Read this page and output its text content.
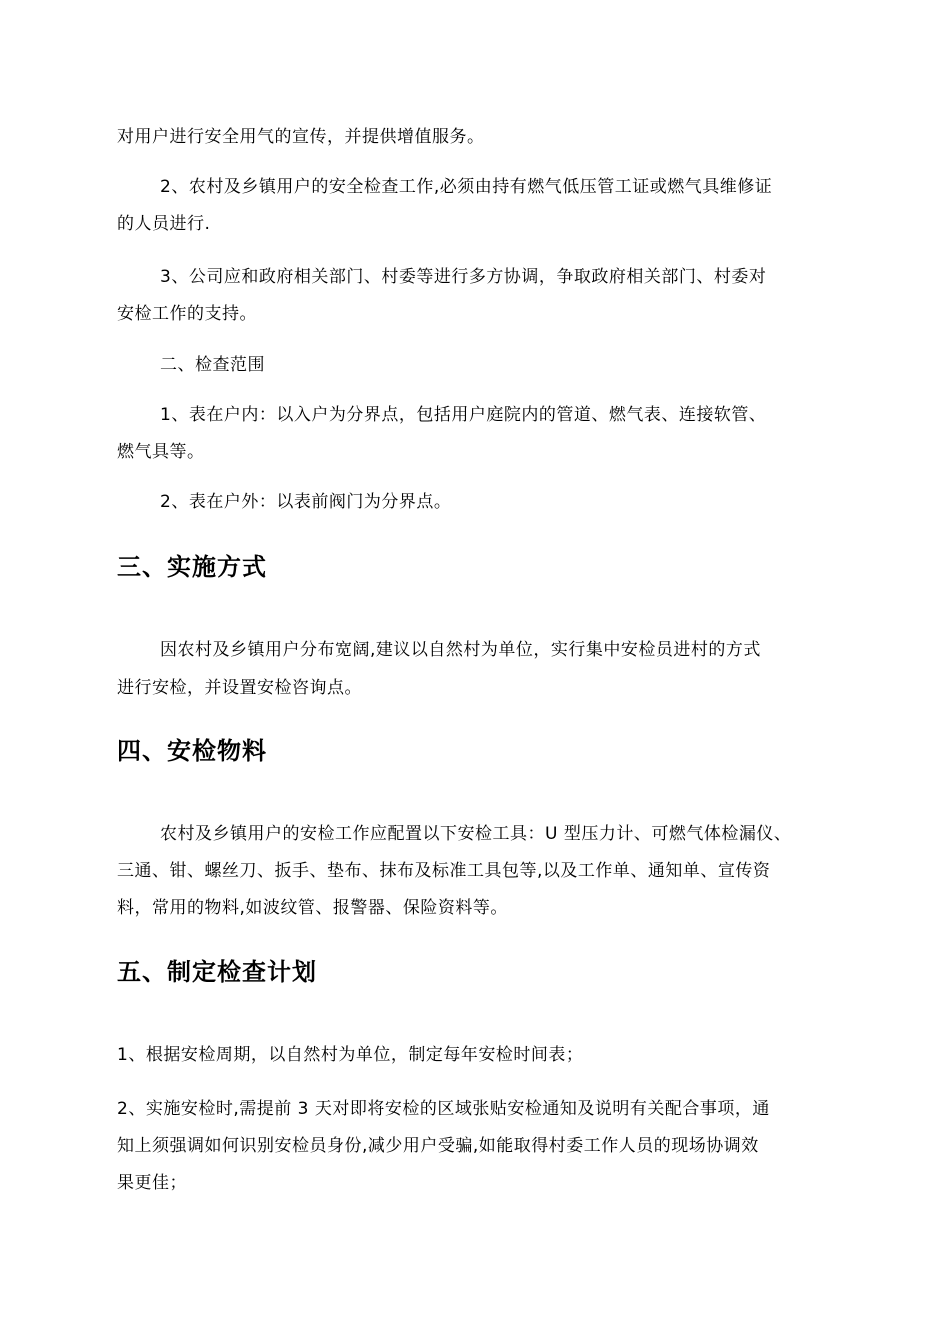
对用户进行安全用气的宣传，并提供增值服务。
2、农村及乡镇用户的安全检查工作,必须由持有燃气低压管工证或燃气具维修证
的人员进行.
3、公司应和政府相关部门、村委等进行多方协调，争取政府相关部门、村委对
安检工作的支持。
二、检查范围
1、表在户内：以入户为分界点，包括用户庭院内的管道、燃气表、连接软管、
燃气具等。
2、表在户外：以表前阀门为分界点。
三、实施方式
因农村及乡镇用户分布宽阔,建议以自然村为单位，实行集中安检员进村的方式
进行安检，并设置安检咨询点。
四、安检物料
农村及乡镇用户的安检工作应配置以下安检工具：U 型压力计、可燃气体检漏仪、
三通、钳、螺丝刀、扳手、垫布、抹布及标准工具包等,以及工作单、通知单、宣传资
料，常用的物料,如波纹管、报警器、保险资料等。
五、制定检查计划
1、根据安检周期，以自然村为单位，制定每年安检时间表；
2、实施安检时,需提前 3 天对即将安检的区域张贴安检通知及说明有关配合事项，通
知上须强调如何识别安检员身份,减少用户受骗,如能取得村委工作人员的现场协调效
果更佳；
